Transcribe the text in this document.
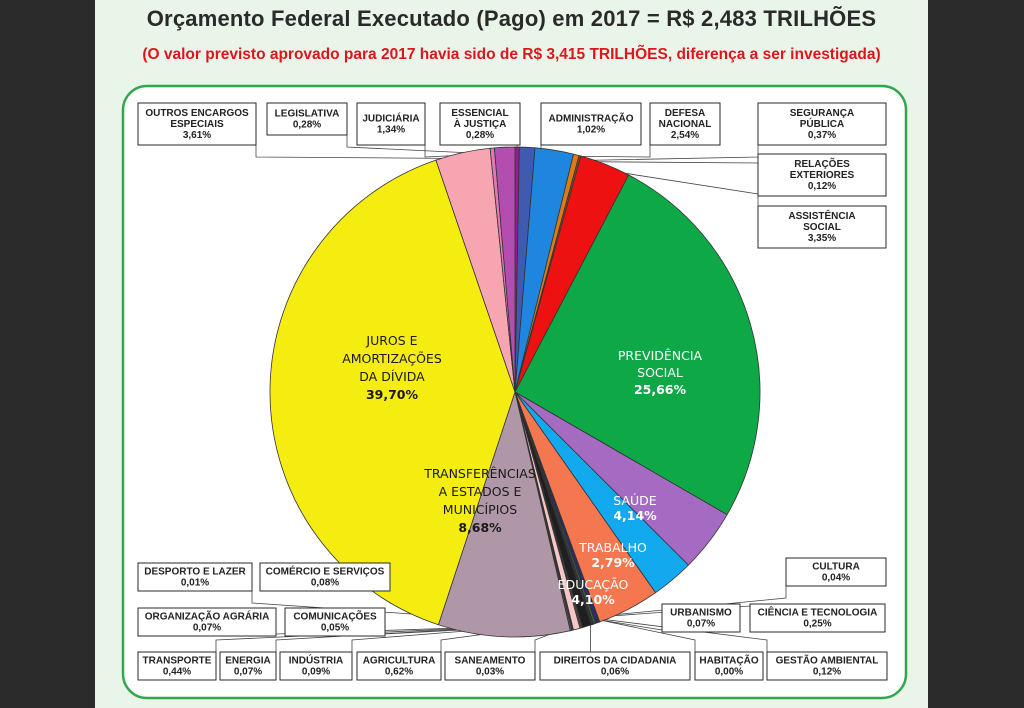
Orçamento Federal Executado (Pago) em 2017 = R$ 2,483 TRILHÕES
(O valor previsto aprovado para 2017 havia sido de R$ 3,415 TRILHÕES, diferença a ser investigada)
PREVIDÊNCIA
SOCIAL
25,66%
SAÚDE
4,14%
TRABALHO
2,79%
EDUCAÇÃO
4,10%
TRANSFERÊNCIAS
A ESTADOS E
MUNICÍPIOS
8,68%
JUROS E
AMORTIZAÇÕES
DA DÍVIDA
39,70%
ESSENCIAL
À JUSTIÇA
0,28%
ADMINISTRAÇÃO
1,02%
DEFESA
NACIONAL
2,54%
SEGURANÇA
PÚBLICA
0,37%
RELAÇÕES
EXTERIORES
0,12%
ASSISTÊNCIA
SOCIAL
3,35%
CULTURA
0,04%
CIÊNCIA E TECNOLOGIA
0,25%
GESTÃO AMBIENTAL
0,12%
HABITAÇÃO
0,00%
URBANISMO
0,07%
DIREITOS DA CIDADANIA
0,06%
SANEAMENTO
0,03%
AGRICULTURA
0,62%
INDÚSTRIA
0,09%
ENERGIA
0,07%
TRANSPORTE
0,44%
COMUNICAÇÕES
0,05%
ORGANIZAÇÃO AGRÁRIA
0,07%
COMÉRCIO E SERVIÇOS
0,08%
DESPORTO E LAZER
0,01%
OUTROS ENCARGOS
ESPECIAIS
3,61%
LEGISLATIVA
0,28%
JUDICIÁRIA
1,34%
